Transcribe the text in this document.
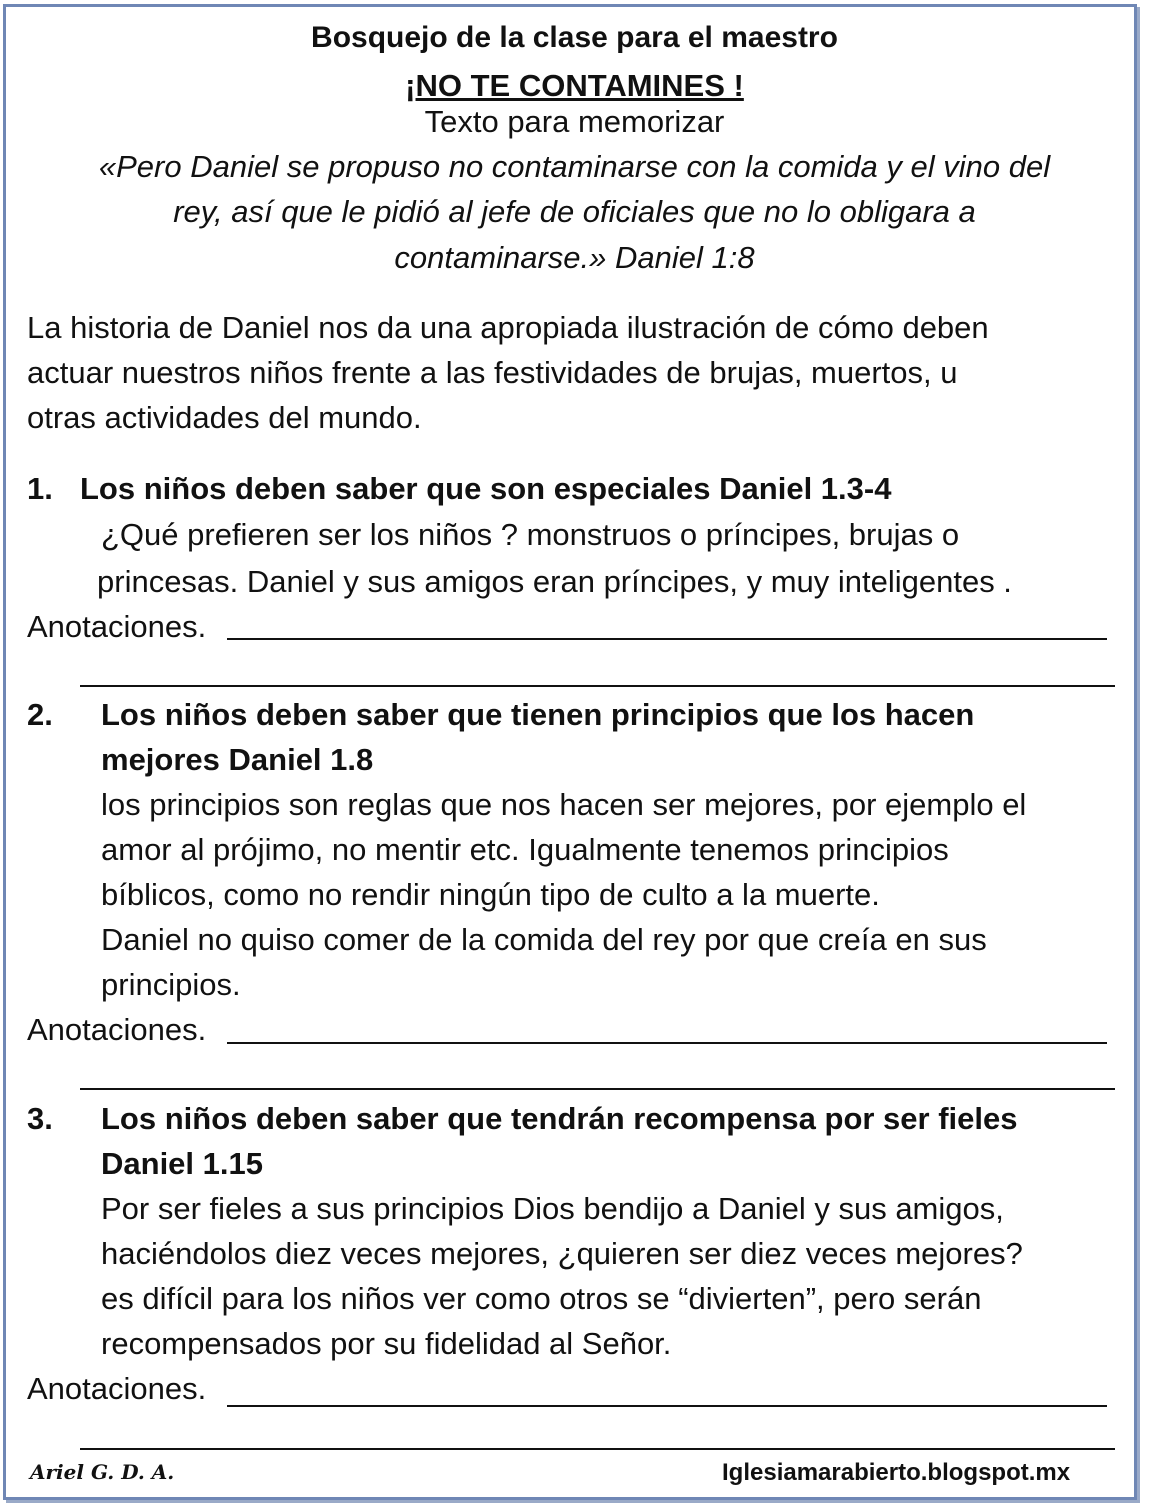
Bosquejo de la clase para el maestro
¡NO TE CONTAMINES !
Texto para memorizar
«Pero Daniel se propuso no contaminarse con la comida y el vino del
rey, así que le pidió al jefe de oficiales que no lo obligara a
contaminarse.» Daniel 1:8
La historia de Daniel nos da una apropiada ilustración de cómo deben
actuar nuestros niños frente a las festividades de brujas, muertos, u
otras actividades del mundo.
1. Los niños deben saber que son especiales Daniel 1.3-4
¿Qué prefieren ser los niños ? monstruos o príncipes, brujas o
princesas. Daniel y sus amigos eran príncipes, y muy inteligentes .
Anotaciones.
2. Los niños deben saber que tienen principios que los hacen
mejores Daniel 1.8
los principios son reglas que nos hacen ser mejores, por ejemplo el
amor al prójimo, no mentir etc. Igualmente tenemos principios
bíblicos, como no rendir ningún tipo de culto a la muerte.
Daniel no quiso comer de la comida del rey por que creía en sus
principios.
Anotaciones.
3. Los niños deben saber que tendrán recompensa por ser fieles
Daniel 1.15
Por ser fieles a sus principios Dios bendijo a Daniel y sus amigos,
haciéndolos diez veces mejores, ¿quieren ser diez veces mejores?
es difícil para los niños ver como otros se “divierten”, pero serán
recompensados por su fidelidad al Señor.
Anotaciones.
Ariel G. D. A.	Iglesiamarabierto.blogspot.mx
